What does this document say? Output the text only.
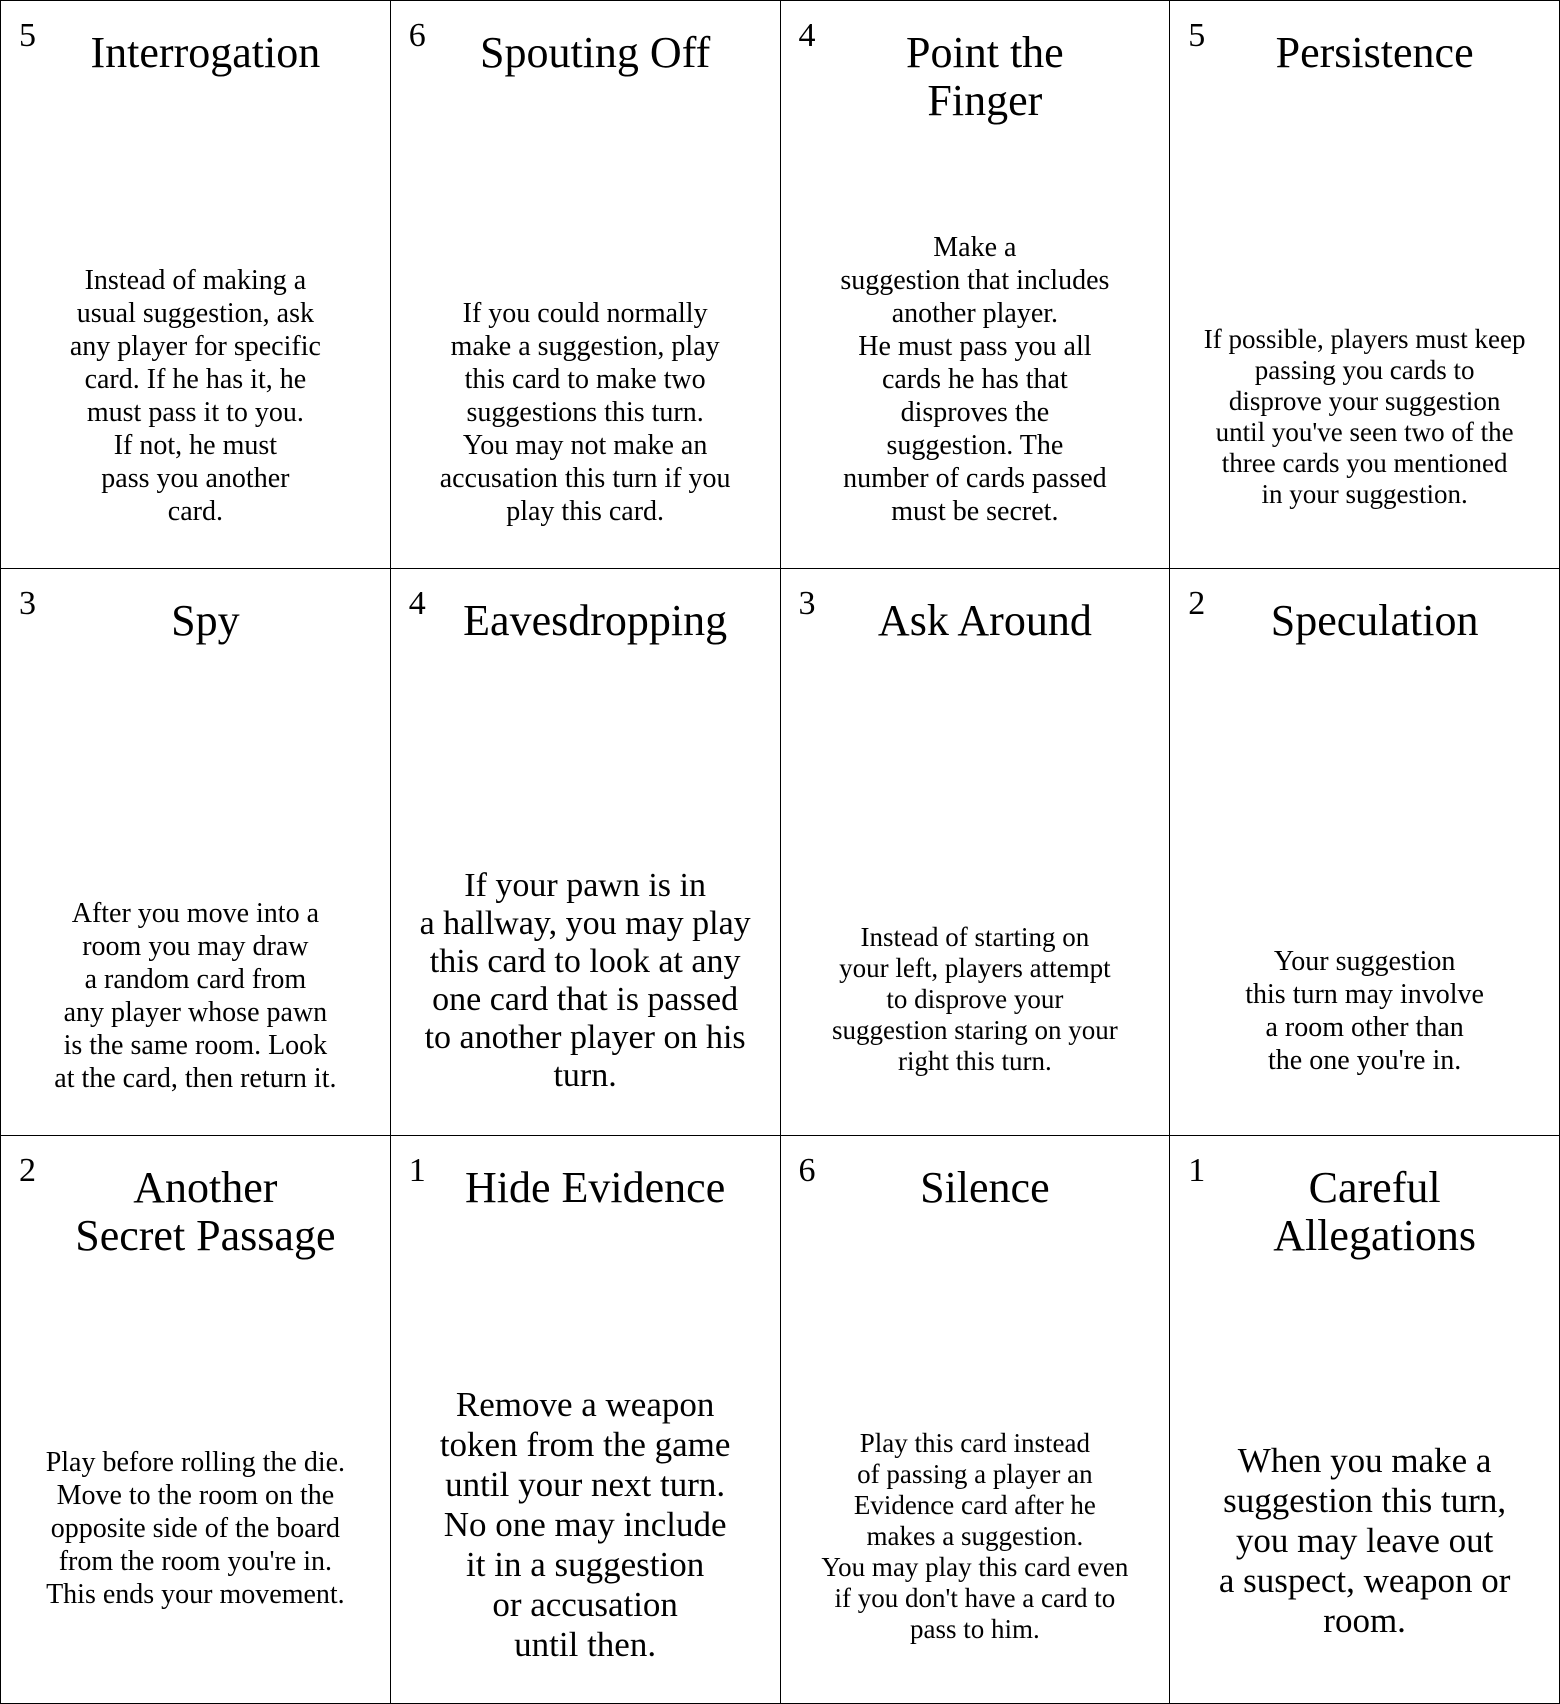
5	Interrogation
Instead of making a
usual suggestion, ask
any player for specific
card. If he has it, he
must pass it to you.
If not, he must
pass you another
card.
6	Spouting Off
If you could normally
make a suggestion, play
this card to make two
suggestions this turn.
You may not make an
accusation this turn if you
play this card.
4	Point the
Finger
Make a
suggestion that includes
another player.
He must pass you all
cards he has that
disproves the
suggestion. The
number of cards passed
must be secret.
5	Persistence
If possible, players must keep
passing you cards to
disprove your suggestion
until you've seen two of the
three cards you mentioned
in your suggestion.
3	Spy
After you move into a
room you may draw
a random card from
any player whose pawn
is the same room. Look
at the card, then return it.
4 Eavesdropping
If your pawn is in
a hallway, you may play
this card to look at any
one card that is passed
to another player on his
turn.
3	Ask Around
Instead of starting on
your left, players attempt
to disprove your
suggestion staring on your
right this turn.
2	Speculation
Your suggestion
this turn may involve
a room other than
the one you're in.
2	Another
Secret Passage
Play before rolling the die.
Move to the room on the
opposite side of the board
from the room you're in.
This ends your movement.
1 Hide Evidence
Remove a weapon
token from the game
until your next turn.
No one may include
it in a suggestion
or accusation
until then.
6	Silence
Play this card instead
of passing a player an
Evidence card after he
makes a suggestion.
You may play this card even
if you don't have a card to
pass to him.
1	Careful
Allegations
When you make a
suggestion this turn,
you may leave out
a suspect, weapon or
room.
